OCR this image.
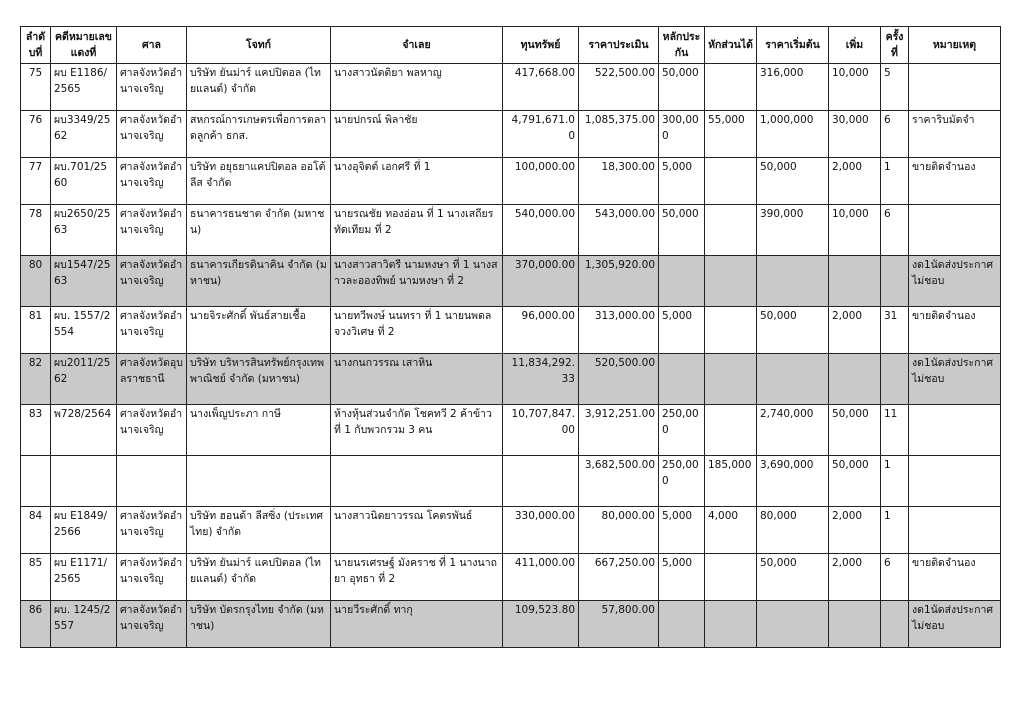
ลำดับที่	คดีหมายเลขแดงที่	ศาล	โจทก์	จำเลย	ทุนทรัพย์	ราคาประเมิน	หลักประกัน	หักส่วนได้	ราคาเริ่มต้น	เพิ่ม	ครั้งที่	หมายเหตุ
75	ผบ E1186/2565	ศาลจังหวัดอำนาจเจริญ	บริษัท ยันม่าร์ แคปปิตอล (ไทยแลนด์) จำกัด	นางสาวนัตติยา พลหาญ	417,668.00	522,500.00	50,000		316,000	10,000	5	
76	ผบ3349/2562	ศาลจังหวัดอำนาจเจริญ	สหกรณ์การเกษตรเพื่อการตลาดลูกค้า ธกส.	นายปกรณ์ พิลาชัย	4,791,671.00	1,085,375.00	300,000	55,000	1,000,000	30,000	6	ราคาริบมัดจำ
77	ผบ.701/2560	ศาลจังหวัดอำนาจเจริญ	บริษัท อยุธยาแคปปิตอล ออโต้ ลีส จำกัด	นางอุจิตต์ เอกศรี ที่ 1	100,000.00	18,300.00	5,000		50,000	2,000	1	ขายติดจำนอง
78	ผบ2650/2563	ศาลจังหวัดอำนาจเจริญ	ธนาคารธนชาต จำกัด (มหาชน)	นายรณชัย ทองอ่อน ที่ 1 นางเสถียร ทัดเทียม ที่ 2	540,000.00	543,000.00	50,000		390,000	10,000	6	
80	ผบ1547/2563	ศาลจังหวัดอำนาจเจริญ	ธนาคารเกียรตินาคิน จำกัด (มหาชน)	นางสาวสาวิตรี นามหงษา ที่ 1 นางสาวละอองทิพย์ นามหงษา ที่ 2	370,000.00	1,305,920.00						งด1นัดส่งประกาศไม่ชอบ
81	ผบ. 1557/2554	ศาลจังหวัดอำนาจเจริญ	นายจิระศักดิ์ พันธ์สายเชื้อ	นายทวีพงษ์ นนทรา ที่ 1 นายนพดล จวงวิเศษ ที่ 2	96,000.00	313,000.00	5,000		50,000	2,000	31	ขายติดจำนอง
82	ผบ2011/2562	ศาลจังหวัดอุบลราชธานี	บริษัท บริหารสินทรัพย์กรุงเทพพาณิชย์ จำกัด (มหาชน)	นางกนกวรรณ เสาหิน	11,834,292.33	520,500.00						งด1นัดส่งประกาศไม่ชอบ
83	พ728/2564	ศาลจังหวัดอำนาจเจริญ	นางเพ็ญประภา กาษี	ห้างหุ้นส่วนจำกัด โชคทวี 2 ค้าข้าว ที่ 1 กับพวกรวม 3 คน	10,707,847.00	3,912,251.00	250,000		2,740,000	50,000	11	
						3,682,500.00	250,000	185,000	3,690,000	50,000	1	
84	ผบ E1849/2566	ศาลจังหวัดอำนาจเจริญ	บริษัท ฮอนด้า ลีสซิ่ง (ประเทศไทย) จำกัด	นางสาวนิตยาวรรณ โคตรพันธ์	330,000.00	80,000.00	5,000	4,000	80,000	2,000	1	
85	ผบ E1171/2565	ศาลจังหวัดอำนาจเจริญ	บริษัท ยันม่าร์ แคปปิตอล (ไทยแลนด์) จำกัด	นายนรเศรษฐ์ มังคราช ที่ 1 นางนาถยา อุทธา ที่ 2	411,000.00	667,250.00	5,000		50,000	2,000	6	ขายติดจำนอง
86	ผบ. 1245/2557	ศาลจังหวัดอำนาจเจริญ	บริษัท บัตรกรุงไทย จำกัด (มหาชน)	นายวีระศักดิ์ ทากุ	109,523.80	57,800.00						งด1นัดส่งประกาศไม่ชอบ
